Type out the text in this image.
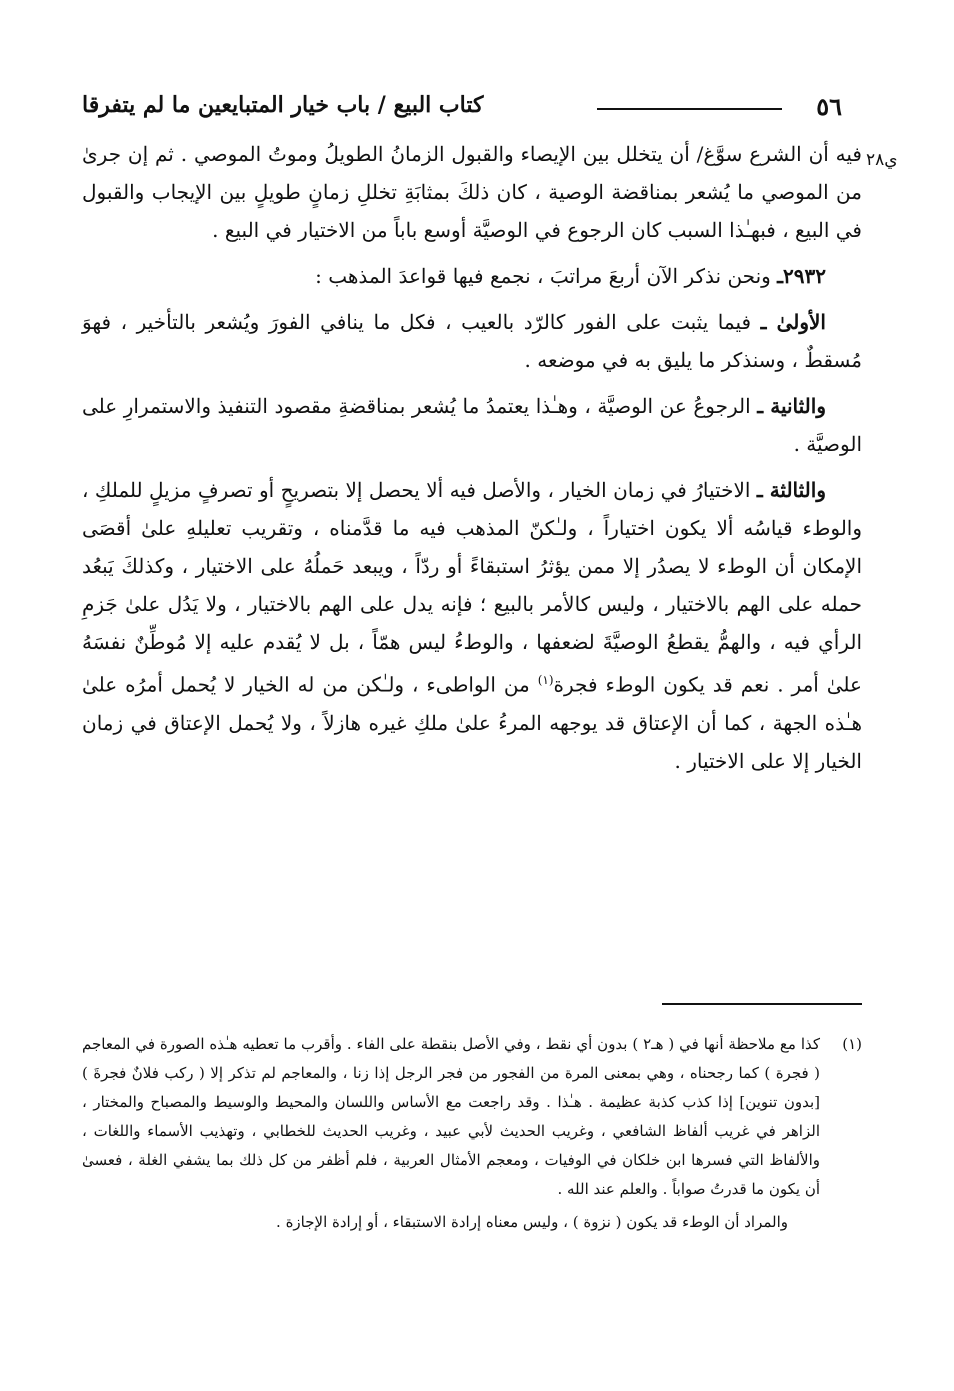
٥٦
كتاب البيع / باب خيار المتبايعين ما لم يتفرقا
ي٢٨

فيه أن الشرع سوَّغ/ أن يتخلل بين الإيصاء والقبول الزمانُ الطويلُ وموتُ الموصي . ثم إن جرىٰ من الموصي ما يُشعر بمناقضة الوصية ، كان ذلكَ بمثابَةِ تخللِ زمانٍ طويلٍ بين الإيجاب والقبول في البيع ، فبهـٰذا السبب كان الرجوع في الوصيَّة أوسع باباً من الاختيار في البيع .

٢٩٣٢ـ ونحن نذكر الآن أربعَ مراتبَ ، نجمع فيها قواعدَ المذهب :

الأولىٰ ـ فيما يثبت على الفور كالرّد بالعيب ، فكل ما ينافي الفورَ ويُشعر بالتأخير ، فهوَ مُسقطٌ ، وسنذكر ما يليق به في موضعه .

والثانية ـ الرجوعُ عن الوصيَّة ، وهـٰذا يعتمدُ ما يُشعر بمناقضةِ مقصود التنفيذ والاستمرارِ على الوصيَّة .

والثالثة ـ الاختيارُ في زمان الخيار ، والأصل فيه ألا يحصل إلا بتصريحٍ أو تصرفٍ مزيلٍ للملكِ ، والوطء قياسُه ألا يكون اختياراً ، ولـٰكنّ المذهب فيه ما قدَّمناه ، وتقريب تعليلهِ علىٰ أقصَى الإمكان أن الوطء لا يصدُر إلا ممن يؤثرُ استبقاءً أو ردّاً ، ويبعد حَملُهُ على الاختيار ، وكذلكَ يَبعُد حمله على الهم بالاختيار ، وليس كالأمر بالبيع ؛ فإنه يدل على الهم بالاختيار ، ولا يَدُل علىٰ جَزمِ الرأي فيه ، والهمُّ يقطعُ الوصيَّةَ لضعفها ، والوطءُ ليس همّاً ، بل لا يُقدم عليه إلا مُوطِّنٌ نفسَهُ علىٰ أمر . نعم قد يكون الوطء فجرة$^{(١)}$ من الواطىء ، ولـٰكن من له الخيار لا يُحمل أمرُه علىٰ هـٰذه الجهة ، كما أن الإعتاق قد يوجهه المرءُ علىٰ ملكِ غيره هازلاً ، ولا يُحمل الإعتاق في زمان الخيار إلا على الاختيار .

(١)

كذا مع ملاحظة أنها في ( هـ٢ ) بدون أي نقط ، وفي الأصل بنقطة على الفاء . وأقرب ما تعطيه هـٰذه الصورة في المعاجم ( فجرة ) كما رجحناه ، وهي بمعنى المرة من الفجور من فجر الرجل إذا زنا ، والمعاجم لم تذكر إلا ( ركب فلانٌ فجرةَ ) [بدون تنوين] إذا كذب كذبة عظيمة . هـٰذا . وقد راجعت مع الأساس واللسان والمحيط والوسيط والمصباح والمختار ، الزاهر في غريب ألفاظ الشافعي ، وغريب الحديث لأبي عبيد ، وغريب الحديث للخطابي ، وتهذيب الأسماء واللغات ، والألفاظ التي فسرها ابن خلكان في الوفيات ، ومعجم الأمثال العربية ، فلم أظفر من كل ذلك بما يشفي الغلة ، فعسىٰ أن يكون ما قدرتُ صواباً . والعلم عند الله .

والمراد أن الوطء قد يكون ( نزوة ) ، وليس معناه إرادة الاستبقاء ، أو إرادة الإجازة .
